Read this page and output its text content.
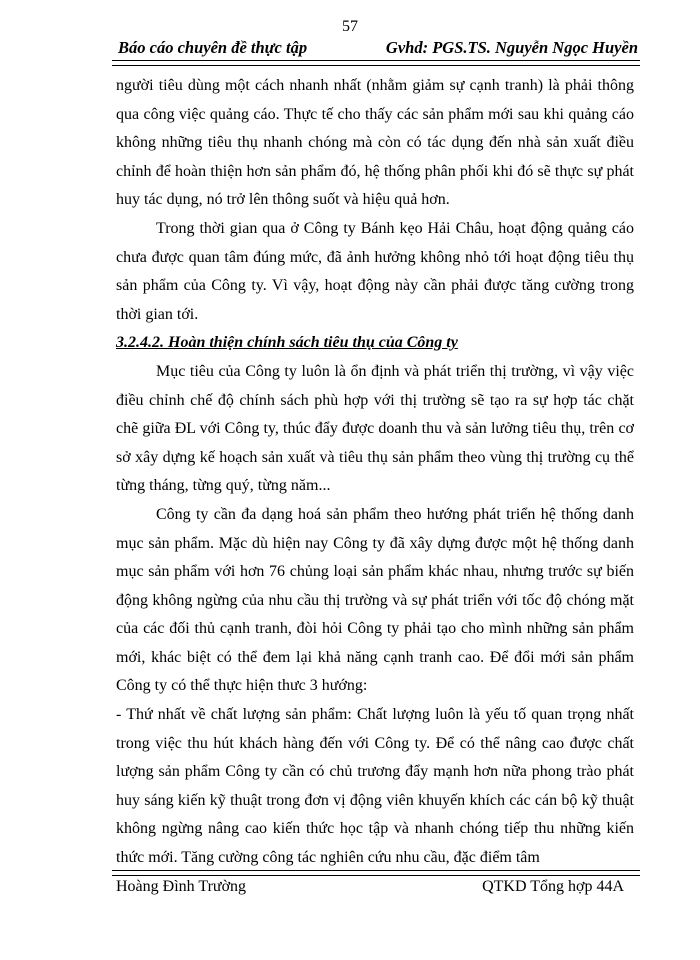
57
Báo cáo chuyên đề thực tập	Gvhd: PGS.TS. Nguyễn Ngọc Huyền

người tiêu dùng một cách nhanh nhất (nhằm giảm sự cạnh tranh) là phải thông qua công việc quảng cáo. Thực tế cho thấy các sản phẩm mới sau khi quảng cáo không những tiêu thụ nhanh chóng mà còn có tác dụng đến nhà sản xuất điều chỉnh để hoàn thiện hơn sản phẩm đó, hệ thống phân phối khi đó sẽ thực sự phát huy tác dụng, nó trở lên thông suốt và hiệu quả hơn.

Trong thời gian qua ở Công ty Bánh kẹo Hải Châu, hoạt động quảng cáo chưa được quan tâm đúng mức, đã ảnh hưởng không nhỏ tới hoạt động tiêu thụ sản phẩm của Công ty. Vì vậy, hoạt động này cần phải được tăng cường trong thời gian tới.

3.2.4.2. Hoàn thiện chính sách tiêu thụ của Công ty

Mục tiêu của Công ty luôn là ổn định và phát triển thị trường, vì vậy việc điều chỉnh chế độ chính sách phù hợp với thị trường sẽ tạo ra sự hợp tác chặt chẽ giữa ĐL với Công ty, thúc đẩy được doanh thu và sản lưởng tiêu thụ, trên cơ sở xây dựng kế hoạch sản xuất và tiêu thụ sản phẩm theo vùng thị trường cụ thể từng tháng, từng quý, từng năm...

Công ty cần đa dạng hoá sản phẩm theo hướng phát triển hệ thống danh mục sản phẩm. Mặc dù hiện nay Công ty đã xây dựng được một hệ thống danh mục sản phẩm với hơn 76 chủng loại sản phẩm khác nhau, nhưng trước sự biến động không ngừng của nhu cầu thị trường và sự phát triển với tốc độ chóng mặt của các đối thủ cạnh tranh, đòi hỏi Công ty phải tạo cho mình những sản phẩm mới, khác biệt có thể đem lại khả năng cạnh tranh cao. Để đổi mới sản phẩm Công ty có thể thực hiện thưc 3 hướng:

- Thứ nhất về chất lượng sản phẩm: Chất lượng luôn là yếu tố quan trọng nhất trong việc thu hút khách hàng đến với Công ty. Để có thể nâng cao được chất lượng sản phẩm Công ty cần có chủ trương đẩy mạnh hơn nữa phong trào phát huy sáng kiến kỹ thuật trong đơn vị động viên khuyến khích các cán bộ kỹ thuật không ngừng nâng cao kiến thức học tập và nhanh chóng tiếp thu những kiến thức mới. Tăng cường công tác nghiên cứu nhu cầu, đặc điểm tâm

Hoàng Đình Trường	QTKD Tổng hợp 44A
